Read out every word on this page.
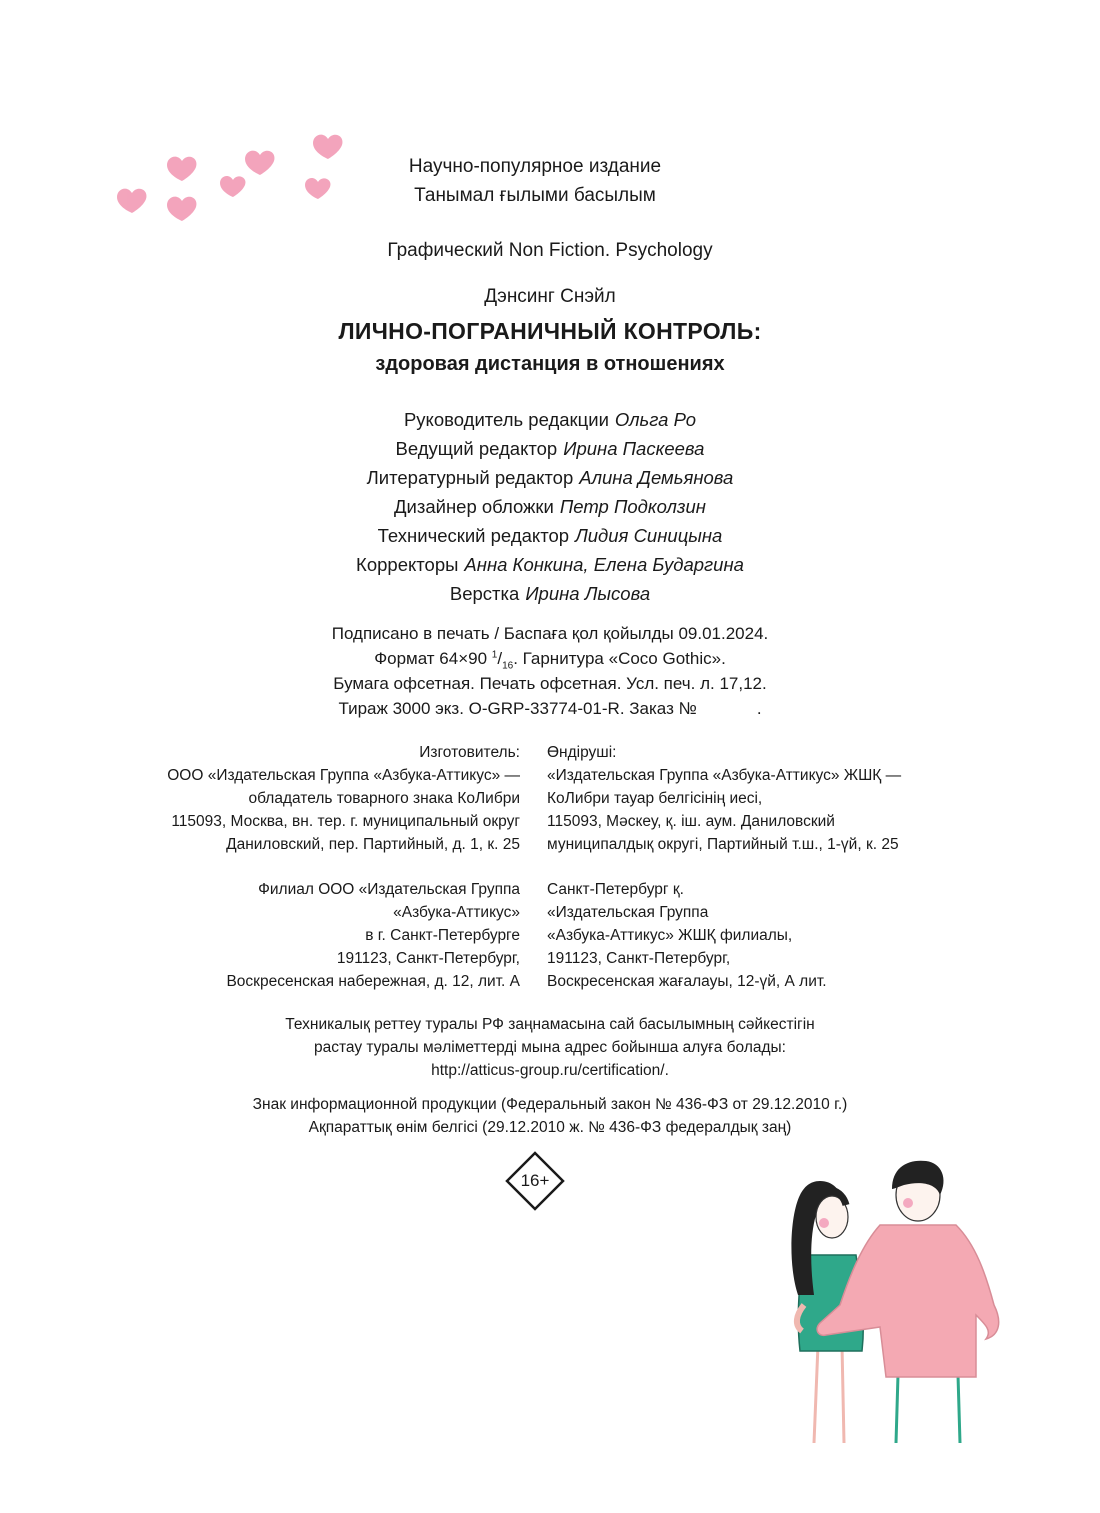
Научно-популярное издание
Танымал ғылыми басылым
Графический Non Fiction. Psychology
Дэнсинг Снэйл
ЛИЧНО-ПОГРАНИЧНЫЙ КОНТРОЛЬ:
здоровая дистанция в отношениях
Руководитель редакции Ольга Ро
Ведущий редактор Ирина Паскеева
Литературный редактор Алина Демьянова
Дизайнер обложки Петр Подколзин
Технический редактор Лидия Синицына
Корректоры Анна Конкина, Елена Бударгина
Верстка Ирина Лысова
Подписано в печать / Баспаға қол қойылды 09.01.2024.
Формат 64×90 $^1/_{16}$. Гарнитура «Coco Gothic».
Бумага офсетная. Печать офсетная. Усл. печ. л. 17,12.
Тираж 3000 экз. O-GRP-33774-01-R. Заказ №	.
Изготовитель:
ООО «Издательская Группа «Азбука-Аттикус» —
обладатель товарного знака КоЛибри
115093, Москва, вн. тер. г. муниципальный округ
Даниловский, пер. Партийный, д. 1, к. 25
Өндіруші:
«Издательская Группа «Азбука-Аттикус» ЖШҚ —
КоЛибри тауар белгісінің иесі,
115093, Мәскеу, қ. іш. аум. Даниловский
муниципалдық округі, Партийный т.ш., 1-үй, к. 25
Филиал ООО «Издательская Группа
«Азбука-Аттикус»
в г. Санкт-Петербурге
191123, Санкт-Петербург,
Воскресенская набережная, д. 12, лит. А
Санкт-Петербург қ.
«Издательская Группа
«Азбука-Аттикус» ЖШҚ филиалы,
191123, Санкт-Петербург,
Воскресенская жағалауы, 12-үй, А лит.
Техникалық реттеу туралы РФ заңнамасына сай басылымның сәйкестігін
растау туралы мәліметтерді мына адрес бойынша алуға болады:
http://atticus-group.ru/certification/.
Знак информационной продукции (Федеральный закон № 436-ФЗ от 29.12.2010 г.)
Ақпараттық өнім белгісі (29.12.2010 ж. № 436-ФЗ федералдық заң)
16+
